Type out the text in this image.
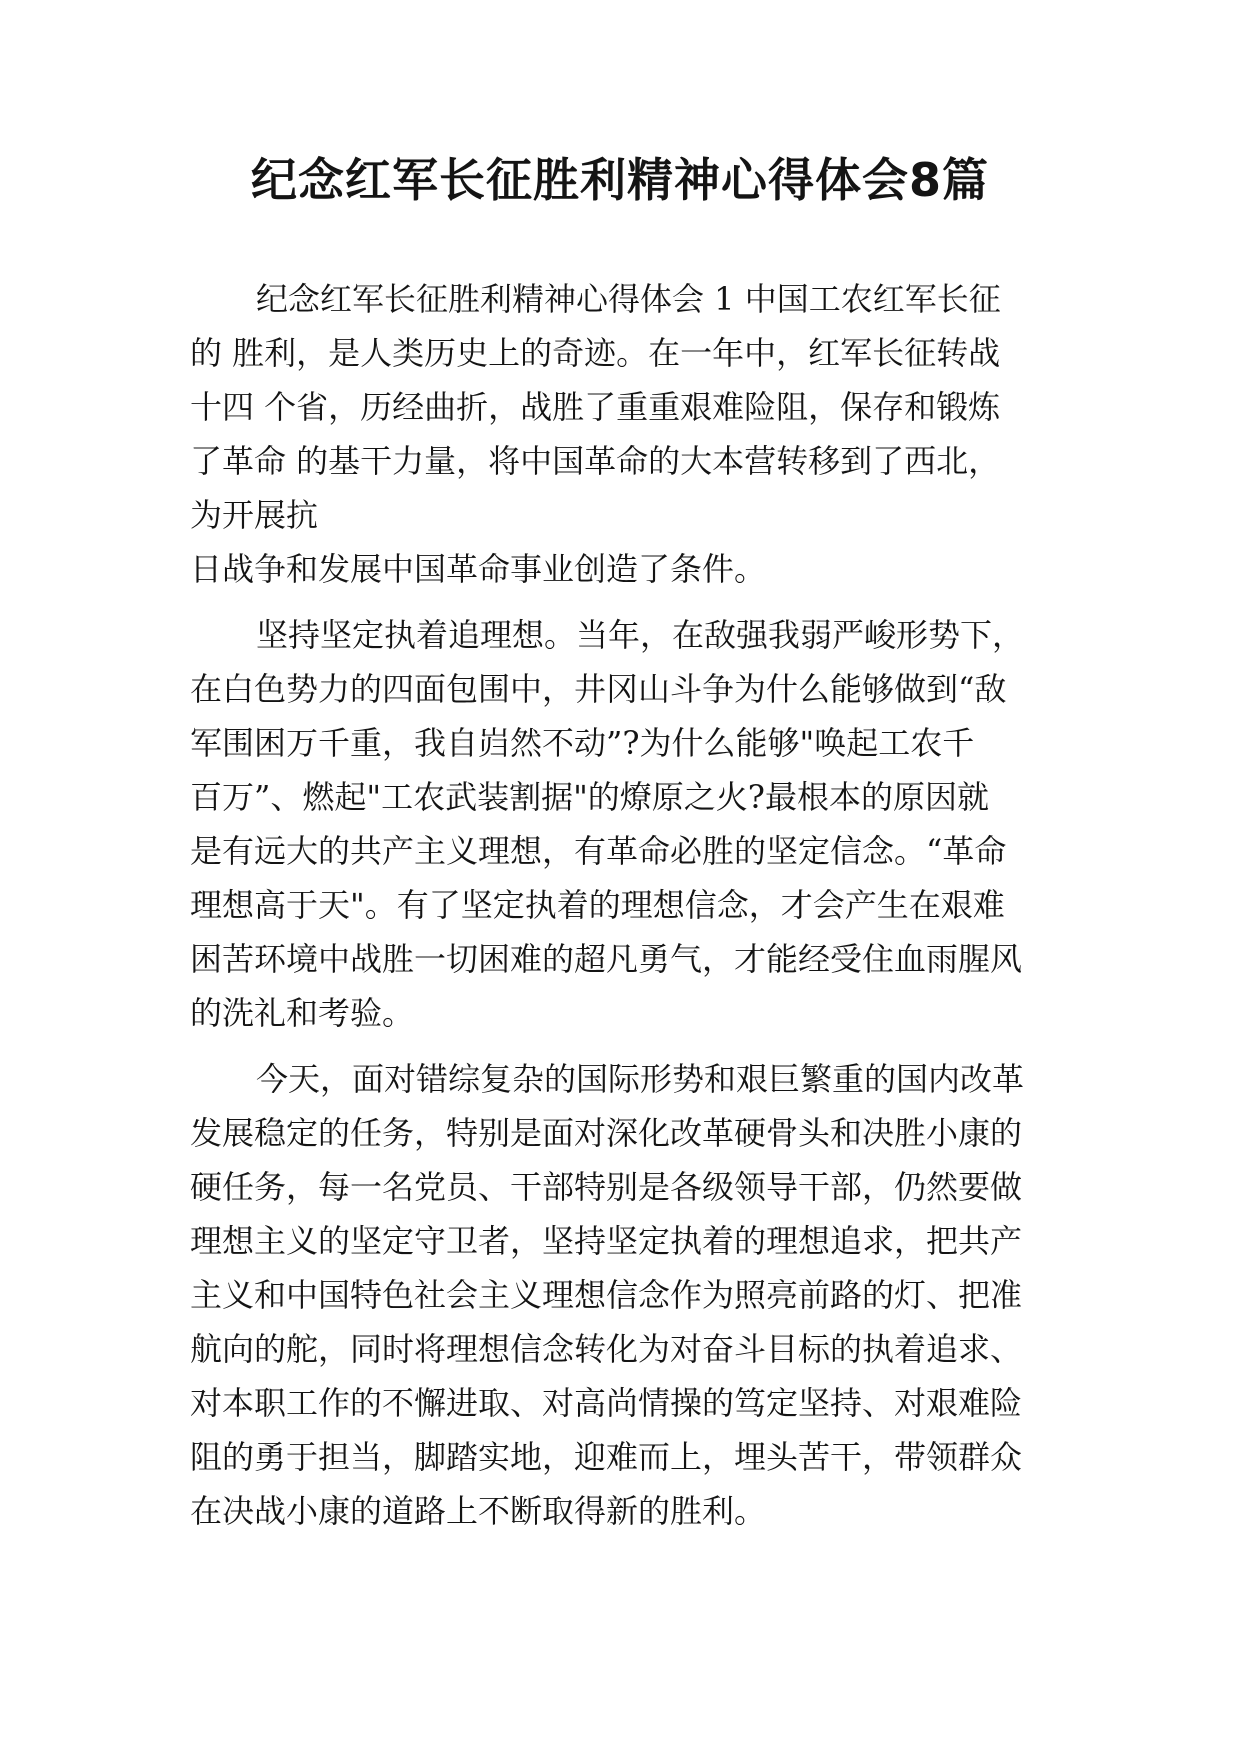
纪念红军长征胜利精神心得体会8篇
纪念红军长征胜利精神心得体会 1 中国工农红军长征
的 胜利，是人类历史上的奇迹。在一年中，红军长征转战
十四 个省，历经曲折，战胜了重重艰难险阻，保存和锻炼
了革命 的基干力量，将中国革命的大本营转移到了西北，
为开展抗
日战争和发展中国革命事业创造了条件。
坚持坚定执着追理想。当年，在敌强我弱严峻形势下，
在白色势力的四面包围中，井冈山斗争为什么能够做到“敌
军围困万千重，我自岿然不动”?为什么能够"唤起工农千
百万”、燃起"工农武装割据"的燎原之火?最根本的原因就
是有远大的共产主义理想，有革命必胜的坚定信念。“革命
理想高于天"。有了坚定执着的理想信念，才会产生在艰难
困苦环境中战胜一切困难的超凡勇气，才能经受住血雨腥风
的洗礼和考验。
今天，面对错综复杂的国际形势和艰巨繁重的国内改革
发展稳定的任务，特别是面对深化改革硬骨头和决胜小康的
硬任务，每一名党员、干部特别是各级领导干部，仍然要做
理想主义的坚定守卫者，坚持坚定执着的理想追求，把共产
主义和中国特色社会主义理想信念作为照亮前路的灯、把准
航向的舵，同时将理想信念转化为对奋斗目标的执着追求、
对本职工作的不懈进取、对高尚情操的笃定坚持、对艰难险
阻的勇于担当，脚踏实地，迎难而上，埋头苦干，带领群众
在决战小康的道路上不断取得新的胜利。
